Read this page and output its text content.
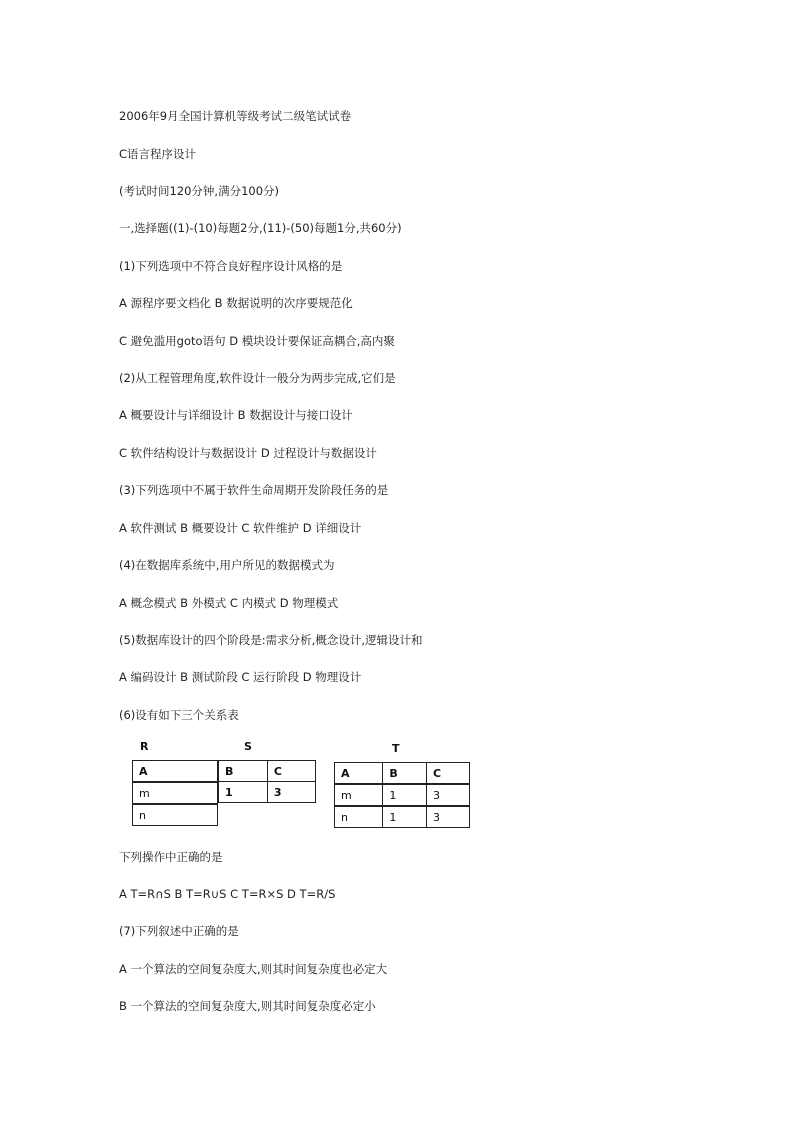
2006年9月全国计算机等级考试二级笔试试卷
C语言程序设计
(考试时间120分钟,满分100分)
一,选择题((1)-(10)每题2分,(11)-(50)每题1分,共60分)
(1)下列选项中不符合良好程序设计风格的是
A 源程序要文档化 B 数据说明的次序要规范化
C 避免滥用goto语句 D 模块设计要保证高耦合,高内聚
(2)从工程管理角度,软件设计一般分为两步完成,它们是
A 概要设计与详细设计 B 数据设计与接口设计
C 软件结构设计与数据设计 D 过程设计与数据设计
(3)下列选项中不属于软件生命周期开发阶段任务的是
A 软件测试 B 概要设计 C 软件维护 D 详细设计
(4)在数据库系统中,用户所见的数据模式为
A 概念模式 B 外模式 C 内模式 D 物理模式
(5)数据库设计的四个阶段是:需求分析,概念设计,逻辑设计和
A 编码设计 B 测试阶段 C 运行阶段 D 物理设计
(6)设有如下三个关系表
R
A
m
n
S
B	C
1	3
T
A	B	C
m	1	3
n	1	3
下列操作中正确的是
A T=R∩S B T=R∪S C T=R×S D T=R/S
(7)下列叙述中正确的是
A 一个算法的空间复杂度大,则其时间复杂度也必定大
B 一个算法的空间复杂度大,则其时间复杂度必定小
